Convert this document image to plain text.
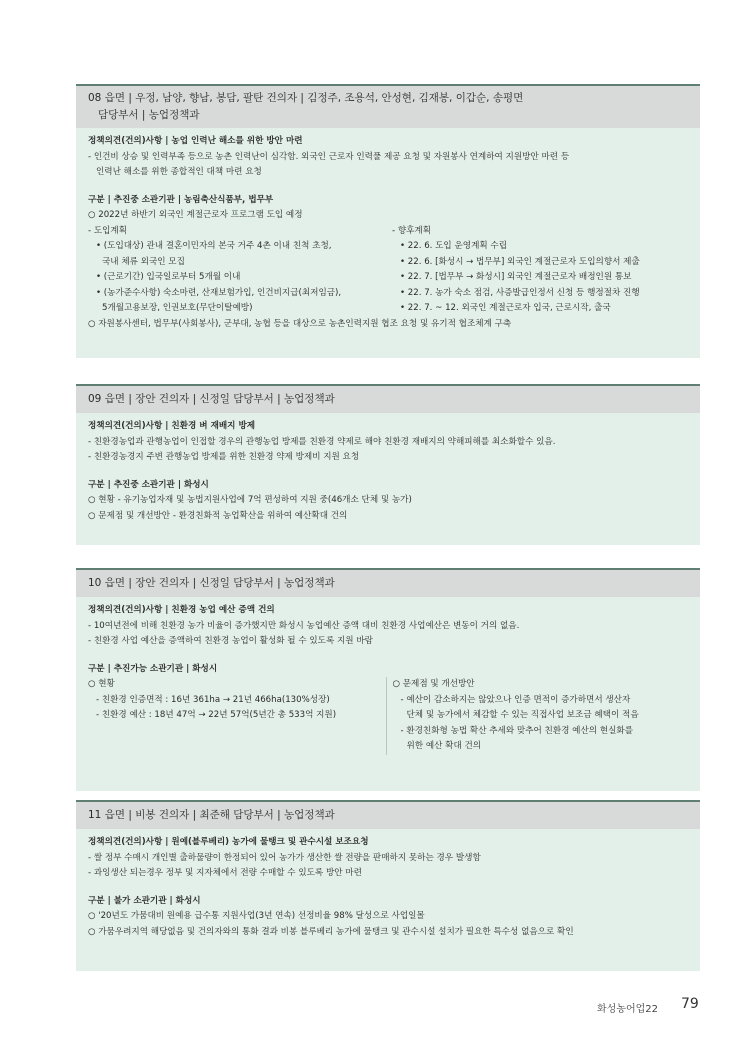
08 읍면 | 우정, 남양, 향남, 봉담, 팔탄 건의자 | 김정주, 조용석, 안성현, 김재봉, 이갑순, 송평면
담당부서 | 농업정책과

정책의견(건의)사항 | 농업 인력난 해소를 위한 방안 마련

- 인건비 상승 및 인력부족 등으로 농촌 인력난이 심각함. 외국인 근로자 인력풀 제공 요청 및 자원봉사 연계하여 지원방안 마련 등

인력난 해소를 위한 종합적인 대책 마련 요청

구분 | 추진중 소관기관 | 농림축산식품부, 법무부

○ 2022년 하반기 외국인 계절근로자 프로그램 도입 예정

- 도입계획

• (도입대상) 관내 결혼이민자의 본국 거주 4촌 이내 친척 초청,

국내 체류 외국인 모집

• (근로기간) 입국일로부터 5개월 이내

• (농가준수사항) 숙소마련, 산재보험가입, 인건비지급(최저임금),

5개월고용보장, 인권보호(무단이탈예방)

- 향후계획

• 22. 6. 도입 운영계획 수립

• 22. 6. [화성시 → 법무부] 외국인 계절근로자 도입의향서 제출

• 22. 7. [법무부 → 화성시] 외국인 계절근로자 배정인원 통보

• 22. 7. 농가 숙소 점검, 사증발급인정서 신청 등 행정절차 진행

• 22. 7. ~ 12. 외국인 계절근로자 입국, 근로시작, 출국

○ 자원봉사센터, 법무부(사회봉사), 군부대, 농협 등을 대상으로 농촌인력지원 협조 요청 및 유기적 협조체계 구축

09 읍면 | 장안 건의자 | 신정일 담당부서 | 농업정책과

정책의견(건의)사항 | 친환경 벼 재배지 방제

- 친환경농업과 관행농업이 인접할 경우의 관행농업 방제를 친환경 약제로 해야 친환경 재배지의 약해피해를 최소화할수 있음.

- 친환경농경지 주변 관행농업 방제를 위한 친환경 약제 방제비 지원 요청

구분 | 추진중 소관기관 | 화성시

○ 현황 - 유기농업자재 및 농법지원사업에 7억 편성하여 지원 중(46개소 단체 및 농가)

○ 문제점 및 개선방안 - 환경친화적 농업확산을 위하여 예산확대 건의

10 읍면 | 장안 건의자 | 신정일 담당부서 | 농업정책과

정책의견(건의)사항 | 친환경 농업 예산 증액 건의

- 10여년전에 비해 친환경 농가 비율이 증가했지만 화성시 농업예산 증액 대비 친환경 사업예산은 변동이 거의 없음.

- 친환경 사업 예산을 증액하여 친환경 농업이 활성화 될 수 있도록 지원 바람

구분 | 추진가능 소관기관 | 화성시

○ 현황

- 친환경 인증면적 : 16년 361ha → 21년 466ha(130%성장)

- 친환경 예산 : 18년 47억 → 22년 57억(5년간 총 533억 지원)

○ 문제점 및 개선방안

- 예산이 감소하지는 않았으나 인증 면적이 증가하면서 생산자

단체 및 농가에서 체감할 수 있는 직접사업 보조금 혜택이 적음

- 환경친화형 농법 확산 추세와 맞추어 친환경 예산의 현실화를

위한 예산 확대 건의

11 읍면 | 비봉 건의자 | 최준해 담당부서 | 농업정책과

정책의견(건의)사항 | 원예(블루베리) 농가에 물탱크 및 관수시설 보조요청

- 쌀 정부 수매시 개인별 출하물량이 한정되어 있어 농가가 생산한 쌀 전량을 판매하지 못하는 경우 발생함

- 과잉생산 되는경우 정부 및 지자체에서 전량 수매할 수 있도록 방안 마련

구분 | 불가 소관기관 | 화성시

○ '20년도 가뭄대비 원예용 급수통 지원사업(3년 연속) 선정비율 98% 달성으로 사업일몰

○ 가뭄우려지역 해당없음 및 건의자와의 통화 결과 비봉 블루베리 농가에 물탱크 및 관수시설 설치가 필요한 특수성 없음으로 확인

화성농어업22 79
